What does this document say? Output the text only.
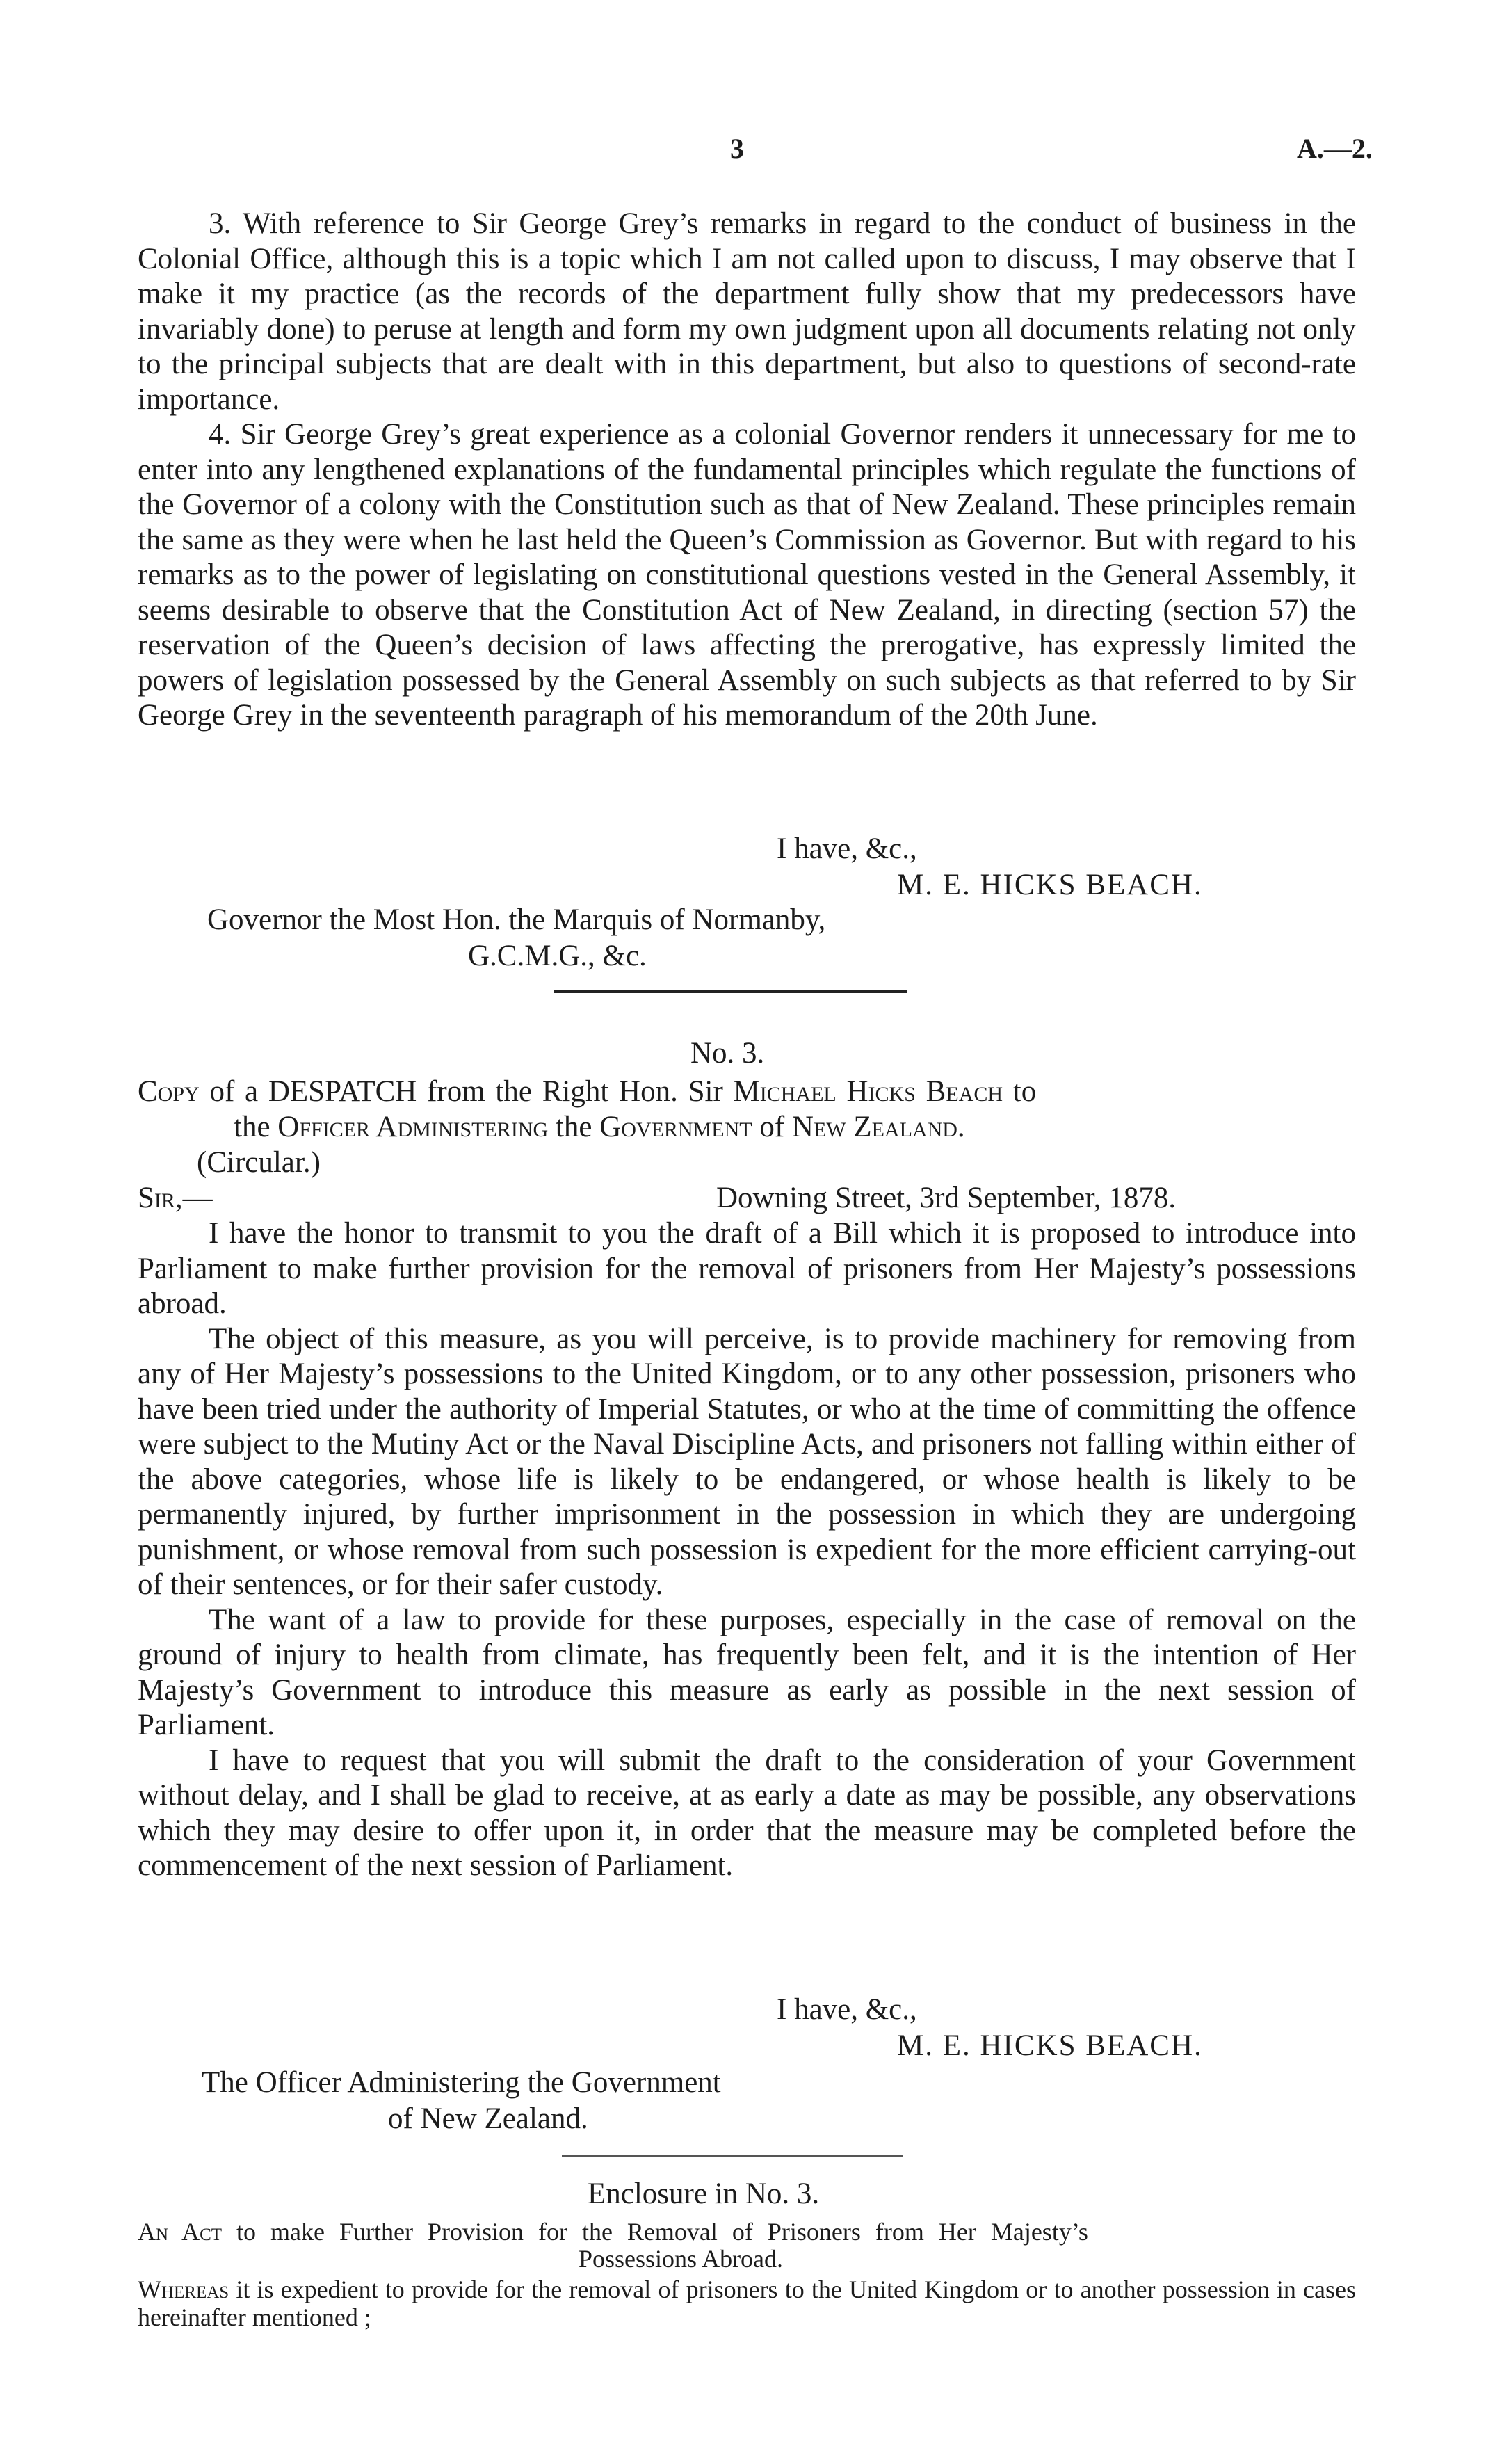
3	A.—2.

3. With reference to Sir George Grey’s remarks in regard to the conduct of business in the Colonial Office, although this is a topic which I am not called upon to discuss, I may observe that I make it my practice (as the records of the department fully show that my predecessors have invariably done) to peruse at length and form my own judgment upon all documents relating not only to the principal subjects that are dealt with in this department, but also to questions of second-rate importance.

4. Sir George Grey’s great experience as a colonial Governor renders it unnecessary for me to enter into any lengthened explanations of the fundamental principles which regulate the functions of the Governor of a colony with the Constitution such as that of New Zealand. These principles remain the same as they were when he last held the Queen’s Commission as Governor. But with regard to his remarks as to the power of legislating on constitutional questions vested in the General Assembly, it seems desirable to observe that the Constitution Act of New Zealand, in directing (section 57) the reservation of the Queen’s decision of laws affecting the prerogative, has expressly limited the powers of legislation possessed by the General Assembly on such subjects as that referred to by Sir George Grey in the seventeenth paragraph of his memorandum of the 20th June.

I have, &c.,
M. E. HICKS BEACH.
Governor the Most Hon. the Marquis of Normanby,
G.C.M.G., &c.
No. 3.
Copy of a DESPATCH from the Right Hon. Sir Michael Hicks Beach to
the Officer Administering the Government of New Zealand.
(Circular.)
Sir,—	Downing Street, 3rd September, 1878.

I have the honor to transmit to you the draft of a Bill which it is proposed to introduce into Parliament to make further provision for the removal of prisoners from Her Majesty’s possessions abroad.

The object of this measure, as you will perceive, is to provide machinery for removing from any of Her Majesty’s possessions to the United Kingdom, or to any other possession, prisoners who have been tried under the authority of Imperial Statutes, or who at the time of committing the offence were subject to the Mutiny Act or the Naval Discipline Acts, and prisoners not falling within either of the above categories, whose life is likely to be endangered, or whose health is likely to be permanently injured, by further imprisonment in the possession in which they are undergoing punishment, or whose removal from such possession is expedient for the more efficient carrying-out of their sentences, or for their safer custody.

The want of a law to provide for these purposes, especially in the case of removal on the ground of injury to health from climate, has frequently been felt, and it is the intention of Her Majesty’s Government to introduce this measure as early as possible in the next session of Parliament.

I have to request that you will submit the draft to the consideration of your Government without delay, and I shall be glad to receive, at as early a date as may be possible, any observations which they may desire to offer upon it, in order that the measure may be completed before the commencement of the next session of Parliament.

I have, &c.,
M. E. HICKS BEACH.
The Officer Administering the Government
of New Zealand.
Enclosure in No. 3.
An Act to make Further Provision for the Removal of Prisoners from Her Majesty’s
Possessions Abroad.
Whereas it is expedient to provide for the removal of prisoners to the United Kingdom or to another possession in cases hereinafter mentioned ;
